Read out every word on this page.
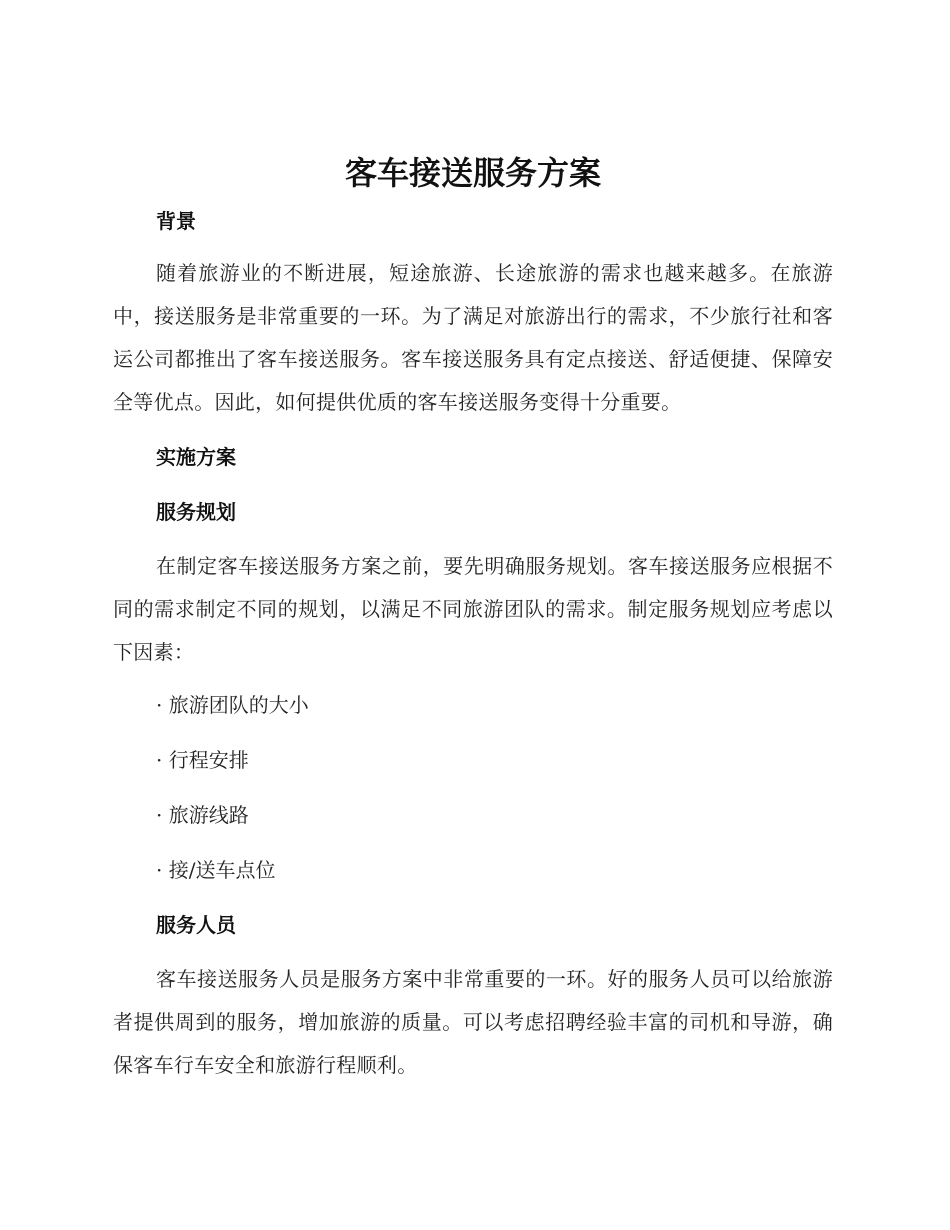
客车接送服务方案
背景

随着旅游业的不断进展，短途旅游、长途旅游的需求也越来越多。在旅游中，接送服务是非常重要的一环。为了满足对旅游出行的需求，不少旅行社和客运公司都推出了客车接送服务。客车接送服务具有定点接送、舒适便捷、保障安全等优点。因此，如何提供优质的客车接送服务变得十分重要。

实施方案
服务规划

在制定客车接送服务方案之前，要先明确服务规划。客车接送服务应根据不同的需求制定不同的规划，以满足不同旅游团队的需求。制定服务规划应考虑以下因素：

· 旅游团队的大小

· 行程安排

· 旅游线路

· 接/送车点位

服务人员

客车接送服务人员是服务方案中非常重要的一环。好的服务人员可以给旅游者提供周到的服务，增加旅游的质量。可以考虑招聘经验丰富的司机和导游，确保客车行车安全和旅游行程顺利。
